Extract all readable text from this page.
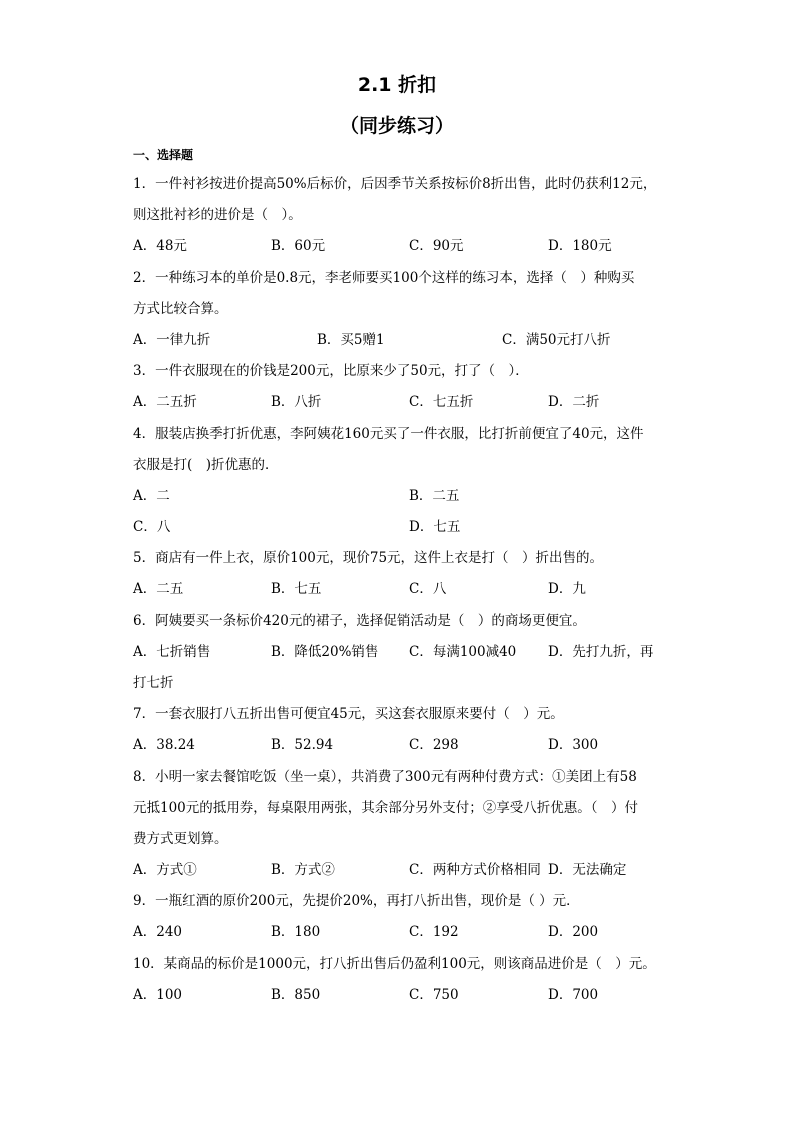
2.1 折扣
（同步练习）
一、选择题
1．一件衬衫按进价提高50%后标价，后因季节关系按标价8折出售，此时仍获利12元，
则这批衬衫的进价是（　）。
A．48元	B．60元	C．90元	D．180元
2．一种练习本的单价是0.8元，李老师要买100个这样的练习本，选择（　）种购买
方式比较合算。
A．一律九折	B．买5赠1	C．满50元打八折
3．一件衣服现在的价钱是200元，比原来少了50元，打了（　）．
A．二五折	B．八折	C．七五折	D．二折
4．服装店换季打折优惠，李阿姨花160元买了一件衣服，比打折前便宜了40元，这件
衣服是打(　)折优惠的．
A．二	B．二五
C．八	D．七五
5．商店有一件上衣，原价100元，现价75元，这件上衣是打（　）折出售的。
A．二五	B．七五	C．八	D．九
6．阿姨要买一条标价420元的裙子，选择促销活动是（　）的商场更便宜。
A．七折销售	B．降低20%销售 C．每满100减40 D．先打九折，再
打七折
7．一套衣服打八五折出售可便宜45元，买这套衣服原来要付（　）元。
A．38.24	B．52.94	C．298	D．300
8．小明一家去餐馆吃饭（坐一桌），共消费了300元有两种付费方式：①美团上有58
元抵100元的抵用券，每桌限用两张，其余部分另外支付；②享受八折优惠。（　）付
费方式更划算。
A．方式①	B．方式②	C．两种方式价格相同 D．无法确定
9．一瓶红酒的原价200元，先提价20%，再打八折出售，现价是（ ）元．
A．240	B．180	C．192	D．200
10．某商品的标价是1000元，打八折出售后仍盈利100元，则该商品进价是（　）元。
A．100	B．850	C．750	D．700
